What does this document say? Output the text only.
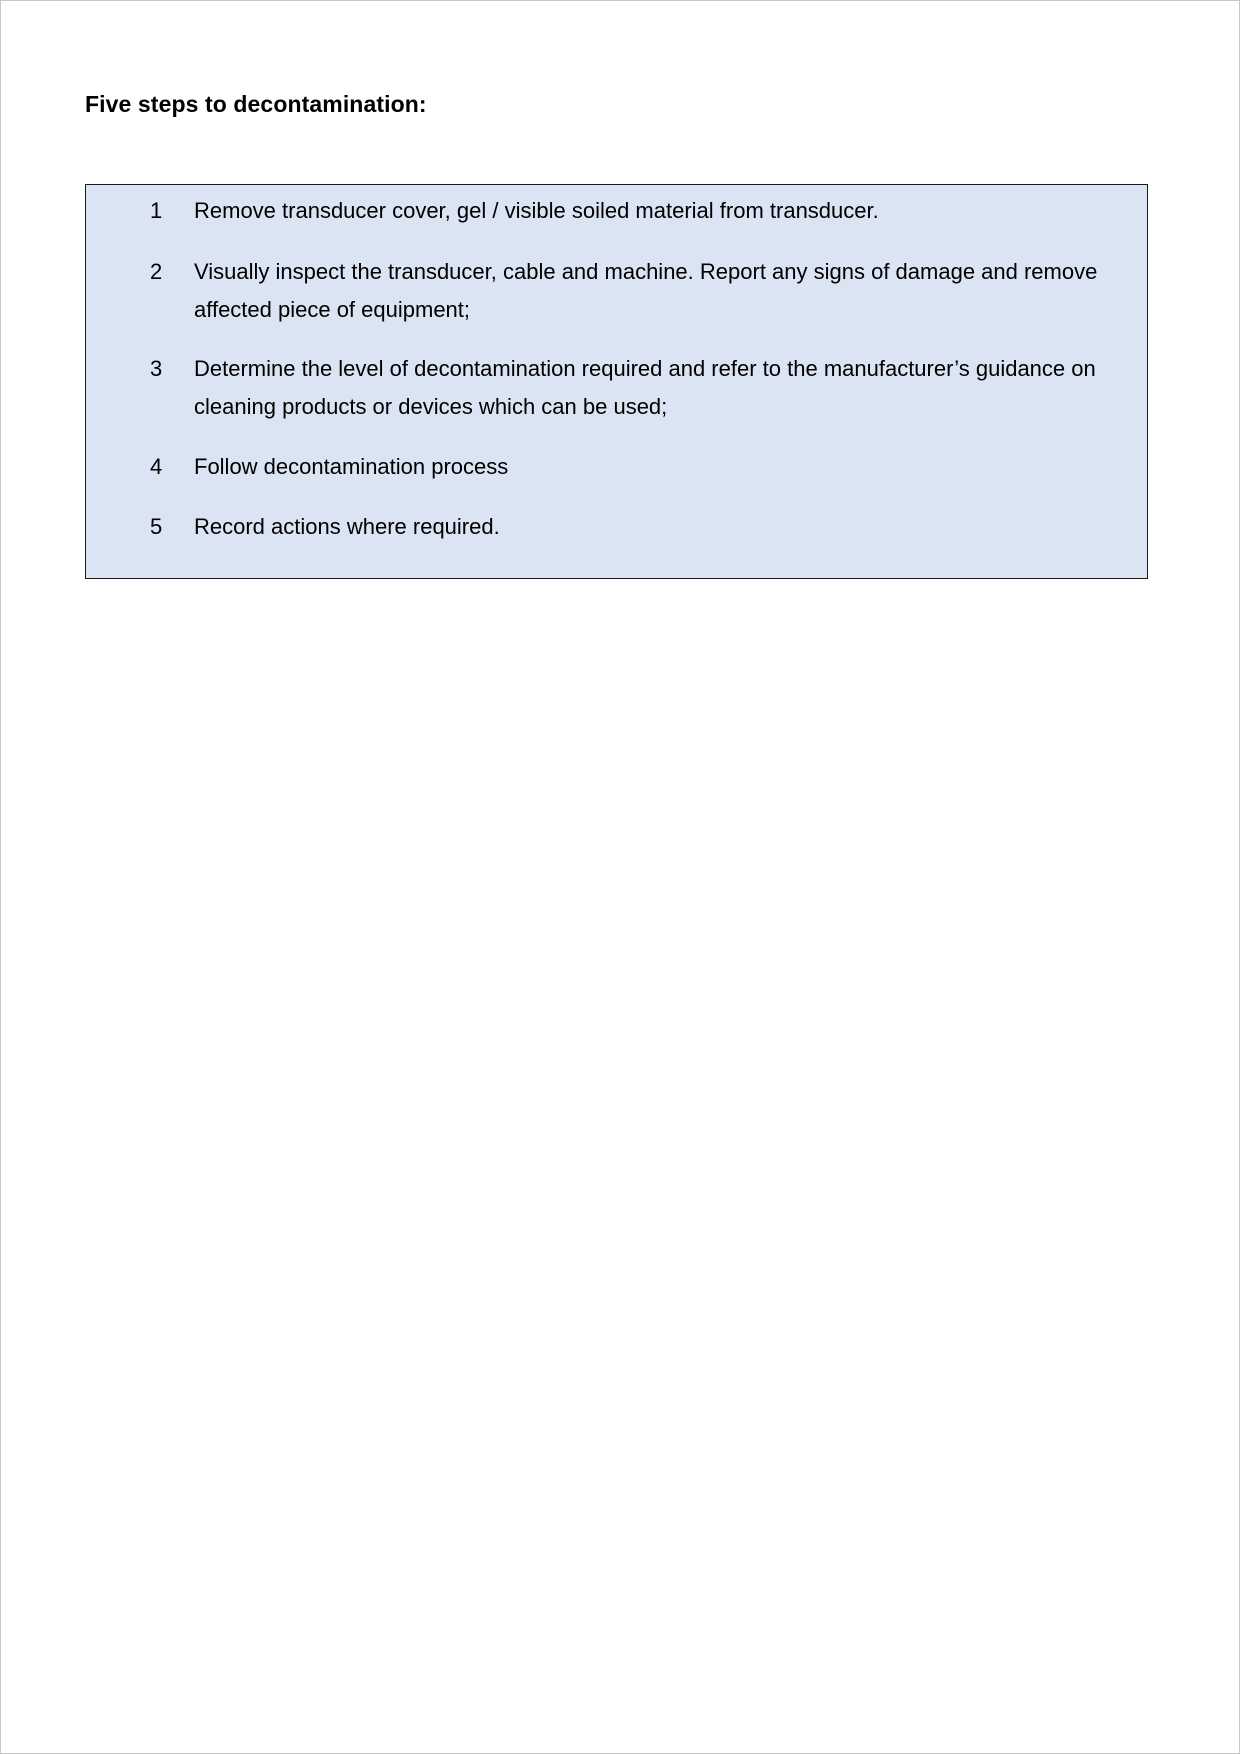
Five steps to decontamination:
1 Remove transducer cover, gel / visible soiled material from transducer.
2 Visually inspect the transducer, cable and machine. Report any signs of damage and remove affected piece of equipment;
3 Determine the level of decontamination required and refer to the manufacturer’s guidance on cleaning products or devices which can be used;
4 Follow decontamination process
5 Record actions where required.
